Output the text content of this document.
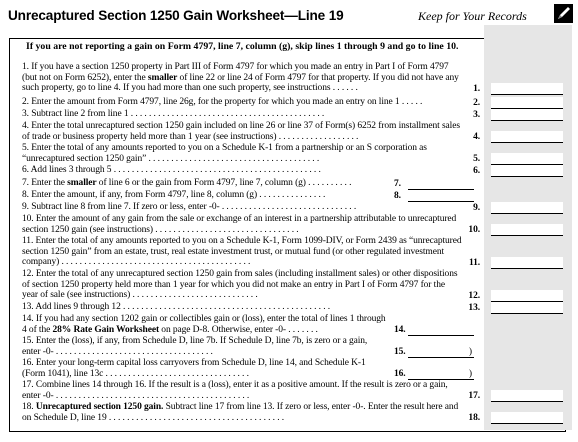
Unrecaptured Section 1250 Gain Worksheet—Line 19	Keep for Your Records
If you are not reporting a gain on Form 4797, line 7, column (g), skip lines 1 through 9 and go to line 10.
1. If you have a section 1250 property in Part III of Form 4797 for which you made an entry in Part I of Form 4797 (but not on Form 6252), enter the smaller of line 22 or line 24 of Form 4797 for that property. If you did not have any such property, go to line 4. If you had more than one such property, see instructions . . . . . .	1.
2. Enter the amount from Form 4797, line 26g, for the property for which you made an entry on line 1 . . . . .	2.
3. Subtract line 2 from line 1 . . . . . . . . . . . . . . . . . . . . . . . . . . . . . . . . . . . . . . . . . . .	3.
4. Enter the total unrecaptured section 1250 gain included on line 26 or line 37 of Form(s) 6252 from installment sales of trade or business property held more than 1 year (see instructions) . . . . . . . . . . . . . . . . . .	4.
5. Enter the total of any amounts reported to you on a Schedule K-1 from a partnership or an S corporation as “unrecaptured section 1250 gain” . . . . . . . . . . . . . . . . . . . . . . . . . . . . . . . . . . . . . .	5.
6. Add lines 3 through 5 . . . . . . . . . . . . . . . . . . . . . . . . . . . . . . . . . . . . . . . . . . . . . .	6.
7. Enter the smaller of line 6 or the gain from Form 4797, line 7, column (g) . . . . . . . . . .	7.
8. Enter the amount, if any, from Form 4797, line 8, column (g) . . . . . . . . . . . . . . .	8.
9. Subtract line 8 from line 7. If zero or less, enter -0- . . . . . . . . . . . . . . . . . . . . . . . . . . . . . .	9.
10. Enter the amount of any gain from the sale or exchange of an interest in a partnership attributable to unrecaptured section 1250 gain (see instructions) . . . . . . . . . . . . . . . . . . . . . . . . . . . . . . . .	10.
11. Enter the total of any amounts reported to you on a Schedule K-1, Form 1099-DIV, or Form 2439 as “unrecaptured section 1250 gain” from an estate, trust, real estate investment trust, or mutual fund (or other regulated investment company) . . . . . . . . . . . . . . . . . . . . . . . . . . . . . . . . . . . . . . . . . .	11.
12. Enter the total of any unrecaptured section 1250 gain from sales (including installment sales) or other dispositions of section 1250 property held more than 1 year for which you did not make an entry in Part I of Form 4797 for the year of sale (see instructions) . . . . . . . . . . . . . . . . . . . . . . . . . . . .	12.
13. Add lines 9 through 12 . . . . . . . . . . . . . . . . . . . . . . . . . . . . . . . . . . . . . . . . . . . . . .	13.
14. If you had any section 1202 gain or collectibles gain or (loss), enter the total of lines 1 through 4 of the 28% Rate Gain Worksheet on page D-8. Otherwise, enter -0- . . . . . . .	14.
15. Enter the (loss), if any, from Schedule D, line 7b. If Schedule D, line 7b, is zero or a gain, enter -0- . . . . . . . . . . . . . . . . . . . . . . . . . . . . . . . . . . .	15.	)
16. Enter your long-term capital loss carryovers from Schedule D, line 14, and Schedule K-1 (Form 1041), line 13c . . . . . . . . . . . . . . . . . . . . . . . . . . . . . . . .	16.	)
17. Combine lines 14 through 16. If the result is a (loss), enter it as a positive amount. If the result is zero or a gain, enter -0- . . . . . . . . . . . . . . . . . . . . . . . . . . . . . . . . . . . . . . . . . . .	17.
18. Unrecaptured section 1250 gain. Subtract line 17 from line 13. If zero or less, enter -0-. Enter the result here and on Schedule D, line 19 . . . . . . . . . . . . . . . . . . . . . . . . . . . . . . . . . . . . . . .	18.
